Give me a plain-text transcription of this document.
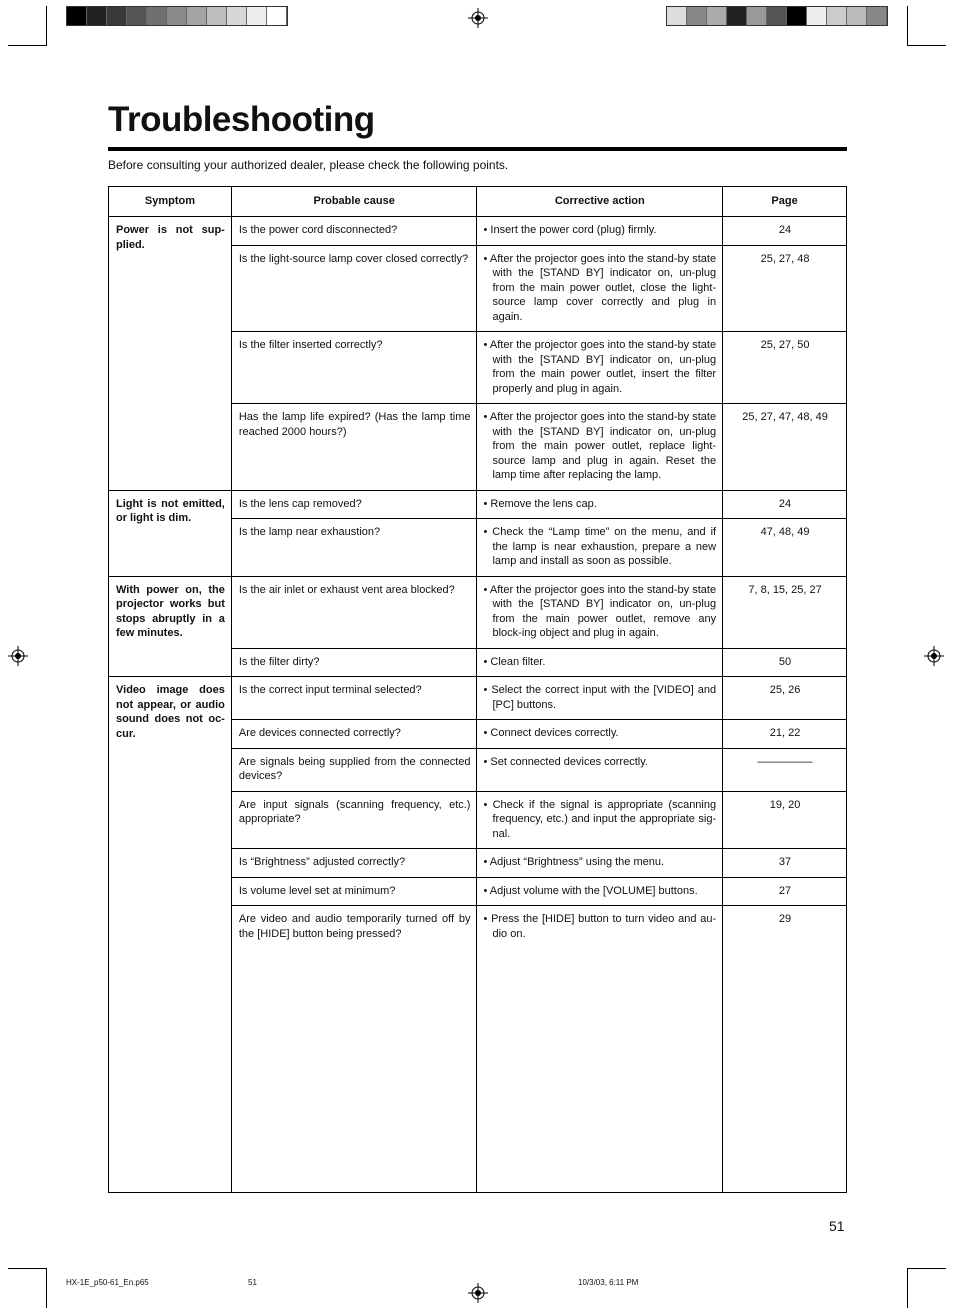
Troubleshooting
Before consulting your authorized dealer, please check the following points.
Symptom	Probable cause	Corrective action	Page
Power is not sup-plied.	Is the power cord disconnected?	• Insert the power cord (plug) firmly.	24
	Is the light-source lamp cover closed correctly?	• After the projector goes into the stand-by state with the [STAND BY] indicator on, un-plug from the main power outlet, close the light- source lamp cover correctly and plug in again.	25, 27, 48
	Is the filter inserted correctly?	• After the projector goes into the stand-by state with the [STAND BY] indicator on, un-plug from the main power outlet, insert the filter properly and plug in again.	25, 27, 50
	Has the lamp life expired? (Has the lamp time reached 2000 hours?)	• After the projector goes into the stand-by state with the [STAND BY] indicator on, un-plug from the main power outlet, replace light-source lamp and plug in again. Reset the lamp time after replacing the lamp.	25, 27, 47, 48, 49
Light is not emitted, or light is dim.	Is the lens cap removed?	• Remove the lens cap.	24
	Is the lamp near exhaustion?	• Check the “Lamp time” on the menu, and if the lamp is near exhaustion, prepare a new lamp and install as soon as possible.	47, 48, 49
With power on, the projector works but stops abruptly in a few minutes.	Is the air inlet or exhaust vent area blocked?	• After the projector goes into the stand-by state with the [STAND BY] indicator on, un-plug from the main power outlet, remove any block-ing object and plug in again.	7, 8, 15, 25, 27
	Is the filter dirty?	• Clean filter.	50
Video image does not appear, or audio sound does not oc-cur.	Is the correct input terminal selected?	• Select the correct input with the [VIDEO] and [PC] buttons.	25, 26
	Are devices connected correctly?	• Connect devices correctly.	21, 22
	Are signals being supplied from the connected devices?	• Set connected devices correctly.	—————
	Are input signals (scanning frequency, etc.) appropriate?	• Check if the signal is appropriate (scanning frequency, etc.) and input the appropriate sig-nal.	19, 20
	Is “Brightness” adjusted correctly?	• Adjust “Brightness” using the menu.	37
	Is volume level set at minimum?	• Adjust volume with the [VOLUME] buttons.	27
	Are video and audio temporarily turned off by the [HIDE] button being pressed?	• Press the [HIDE] button to turn video and au-dio on.	29

51
HX-1E_p50-61_En.p65	51	10/3/03, 6:11 PM
